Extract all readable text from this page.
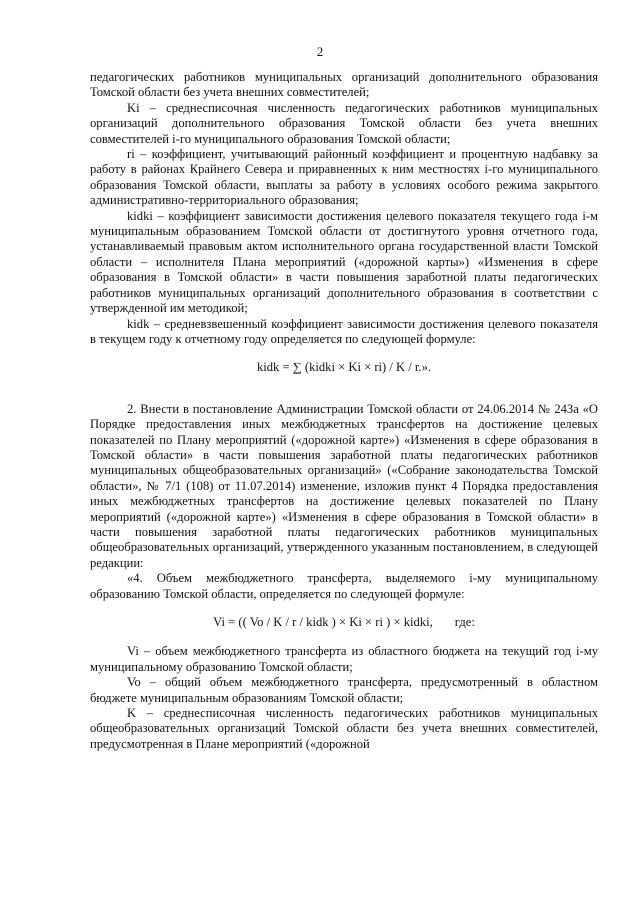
2

педагогических работников муниципальных организаций дополнительного образования Томской области без учета внешних совместителей;

Ki – среднесписочная численность педагогических работников муниципальных организаций дополнительного образования Томской области без учета внешних совместителей i-го муниципального образования Томской области;

ri – коэффициент, учитывающий районный коэффициент и процентную надбавку за работу в районах Крайнего Севера и приравненных к ним местностях i-го муниципального образования Томской области, выплаты за работу в условиях особого режима закрытого административно-территориального образования;

kidki – коэффициент зависимости достижения целевого показателя текущего года i-м муниципальным образованием Томской области от достигнутого уровня отчетного года, устанавливаемый правовым актом исполнительного органа государственной власти Томской области – исполнителя Плана мероприятий («дорожной карты») «Изменения в сфере образования в Томской области» в части повышения заработной платы педагогических работников муниципальных организаций дополнительного образования в соответствии с утвержденной им методикой;

kidk – средневзвешенный коэффициент зависимости достижения целевого показателя в текущем году к отчетному году определяется по следующей формуле:

kidk = ∑ (kidki × Ki × ri) / K / r.».

2. Внести в постановление Администрации Томской области от 24.06.2014 № 243а «О Порядке предоставления иных межбюджетных трансфертов на достижение целевых показателей по Плану мероприятий («дорожной карте») «Изменения в сфере образования в Томской области» в части повышения заработной платы педагогических работников муниципальных общеобразовательных организаций» («Собрание законодательства Томской области», № 7/1 (108) от 11.07.2014) изменение, изложив пункт 4 Порядка предоставления иных межбюджетных трансфертов на достижение целевых показателей по Плану мероприятий («дорожной карте») «Изменения в сфере образования в Томской области» в части повышения заработной платы педагогических работников муниципальных общеобразовательных организаций, утвержденного указанным постановлением, в следующей редакции:

«4. Объем межбюджетного трансферта, выделяемого i-му муниципальному образованию Томской области, определяется по следующей формуле:

Vi = (( Vo / K / r / kidk ) × Ki × ri ) × kidki,       где:

Vi – объем межбюджетного трансферта из областного бюджета на текущий год i-му муниципальному образованию Томской области;

Vo – общий объем межбюджетного трансферта, предусмотренный в областном бюджете муниципальным образованиям Томской области;

K – среднесписочная численность педагогических работников муниципальных общеобразовательных организаций Томской области без учета внешних совместителей, предусмотренная в Плане мероприятий («дорожной
